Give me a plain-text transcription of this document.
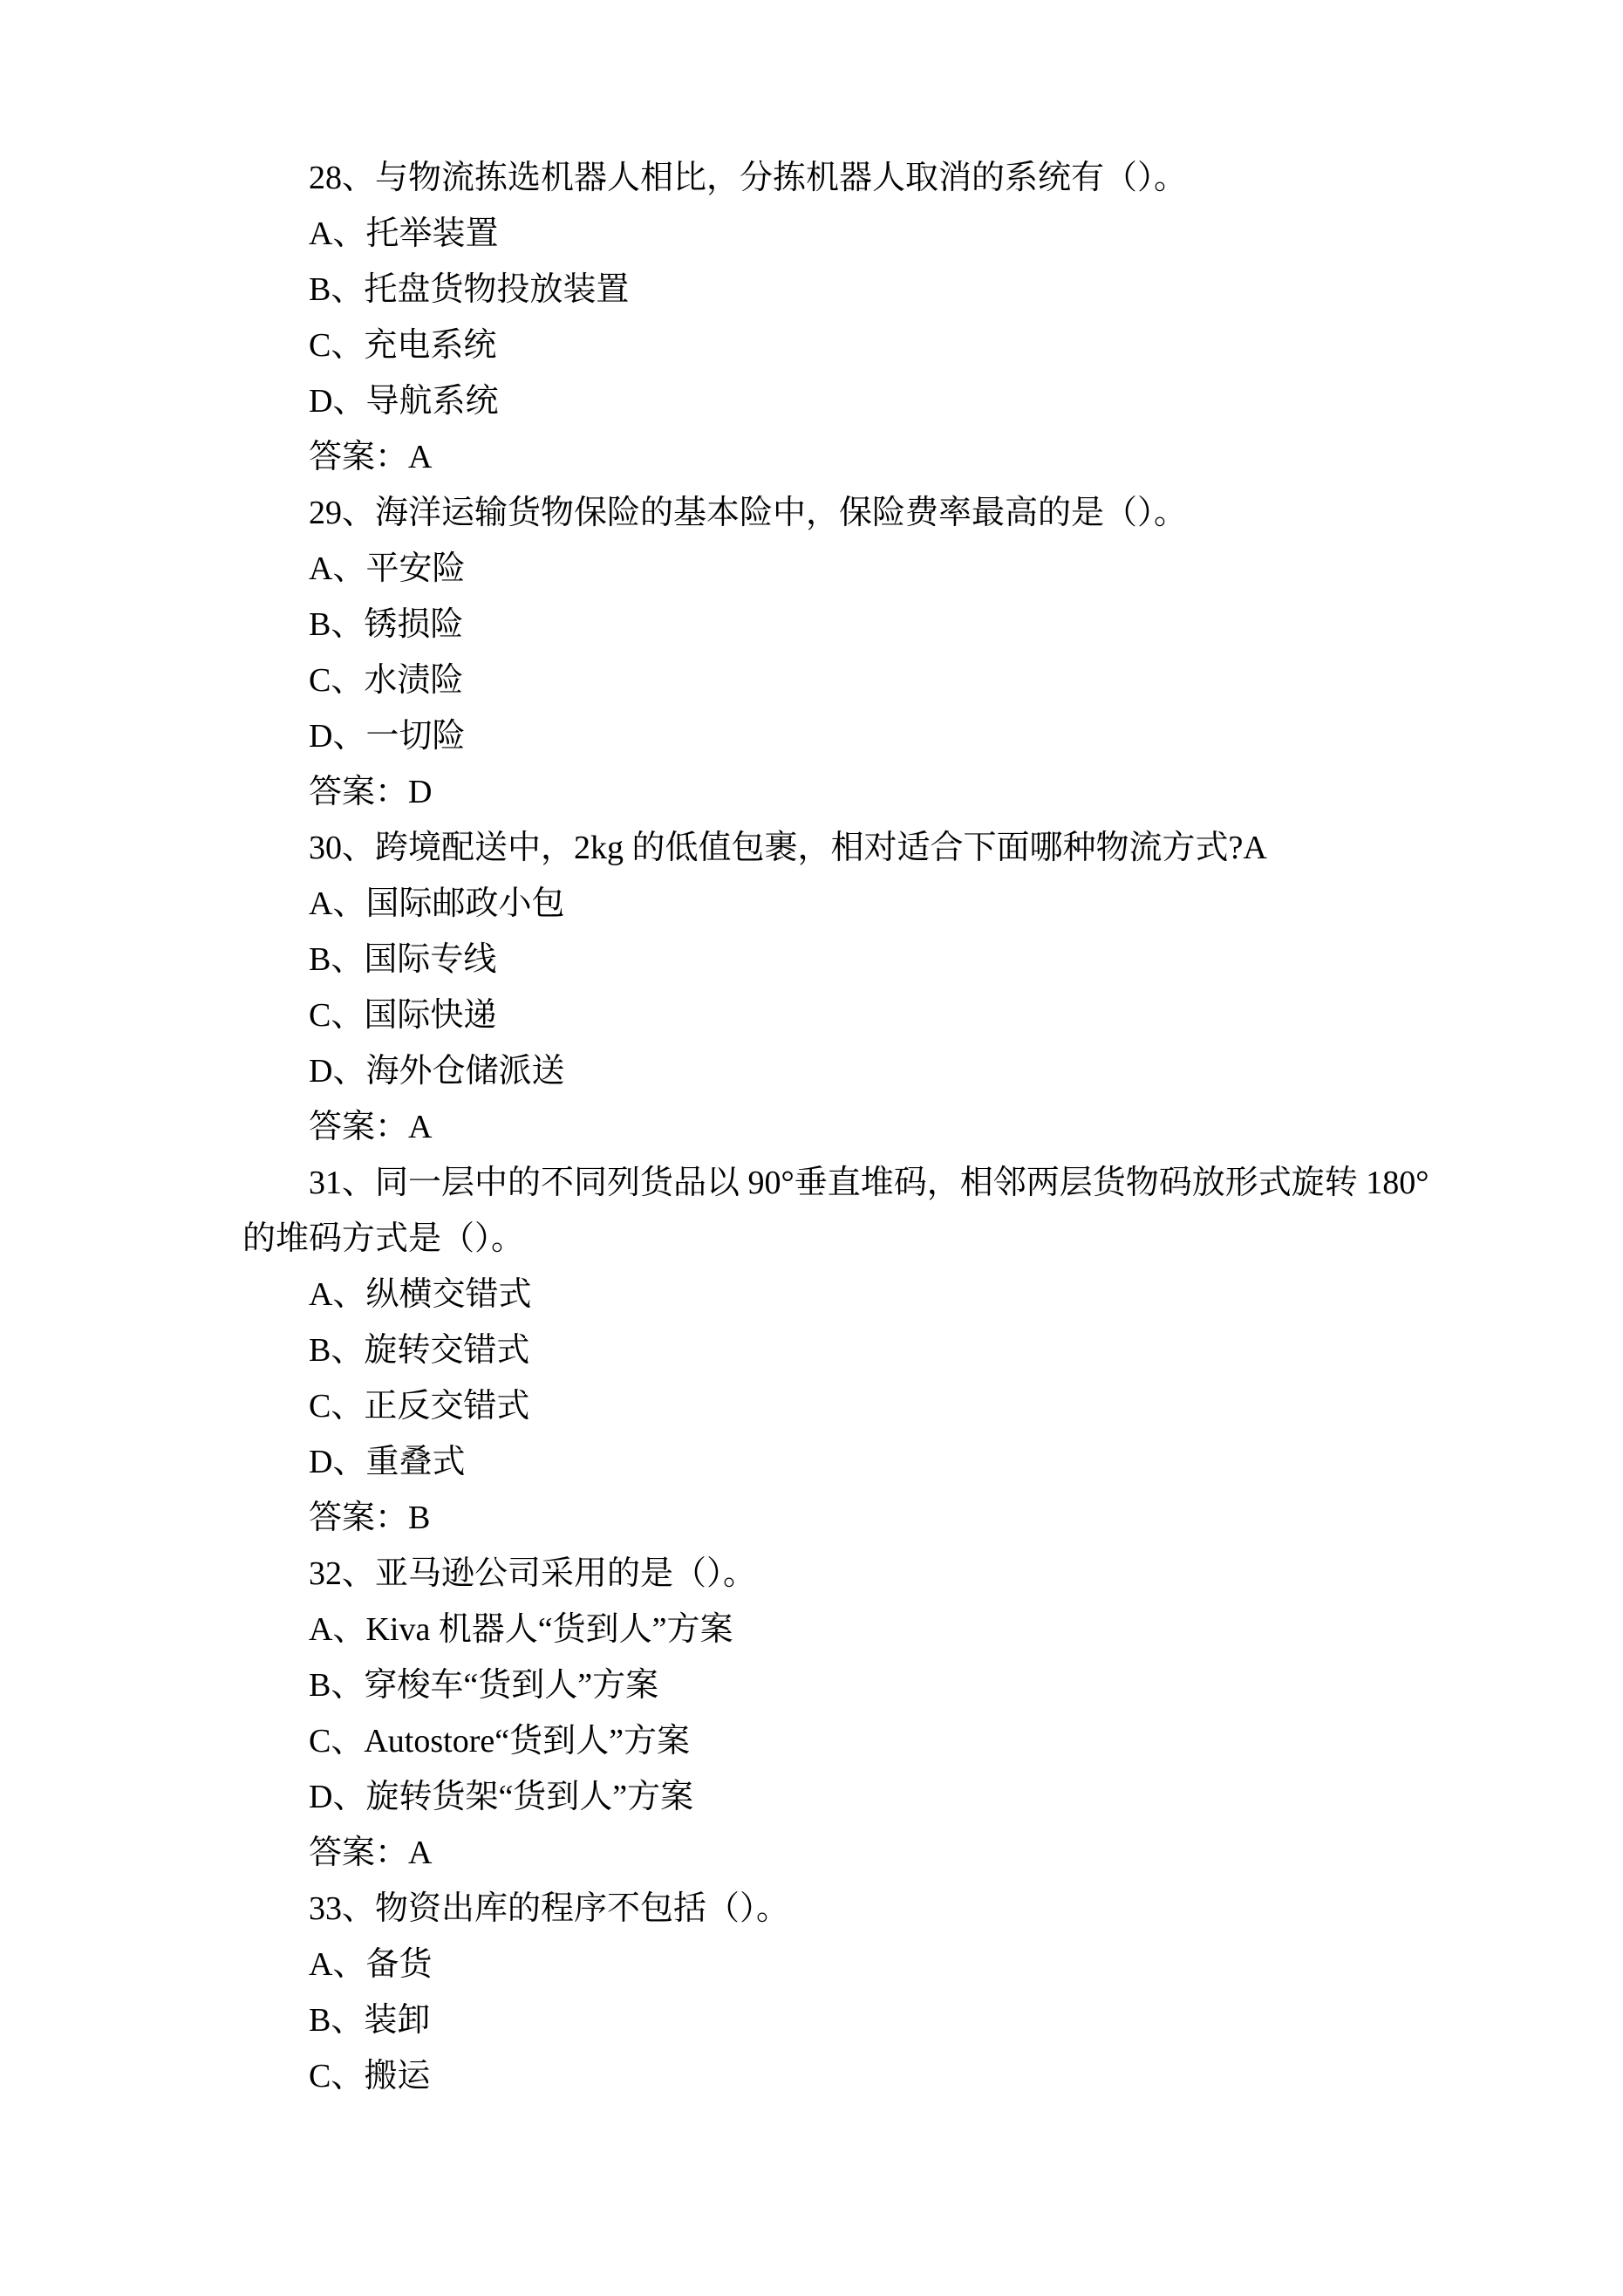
28、与物流拣选机器人相比，分拣机器人取消的系统有（）。

A、托举装置

B、托盘货物投放装置

C、充电系统

D、导航系统

答案：A

29、海洋运输货物保险的基本险中，保险费率最高的是（）。

A、平安险

B、锈损险

C、水渍险

D、一切险

答案：D

30、跨境配送中，2kg 的低值包裹，相对适合下面哪种物流方式?A

A、国际邮政小包

B、国际专线

C、国际快递

D、海外仓储派送

答案：A

31、同一层中的不同列货品以 90°垂直堆码，相邻两层货物码放形式旋转 180°

的堆码方式是（）。

A、纵横交错式

B、旋转交错式

C、正反交错式

D、重叠式

答案：B

32、亚马逊公司采用的是（）。

A、Kiva 机器人“货到人”方案

B、穿梭车“货到人”方案

C、Autostore“货到人”方案

D、旋转货架“货到人”方案

答案：A

33、物资出库的程序不包括（）。

A、备货

B、装卸

C、搬运
